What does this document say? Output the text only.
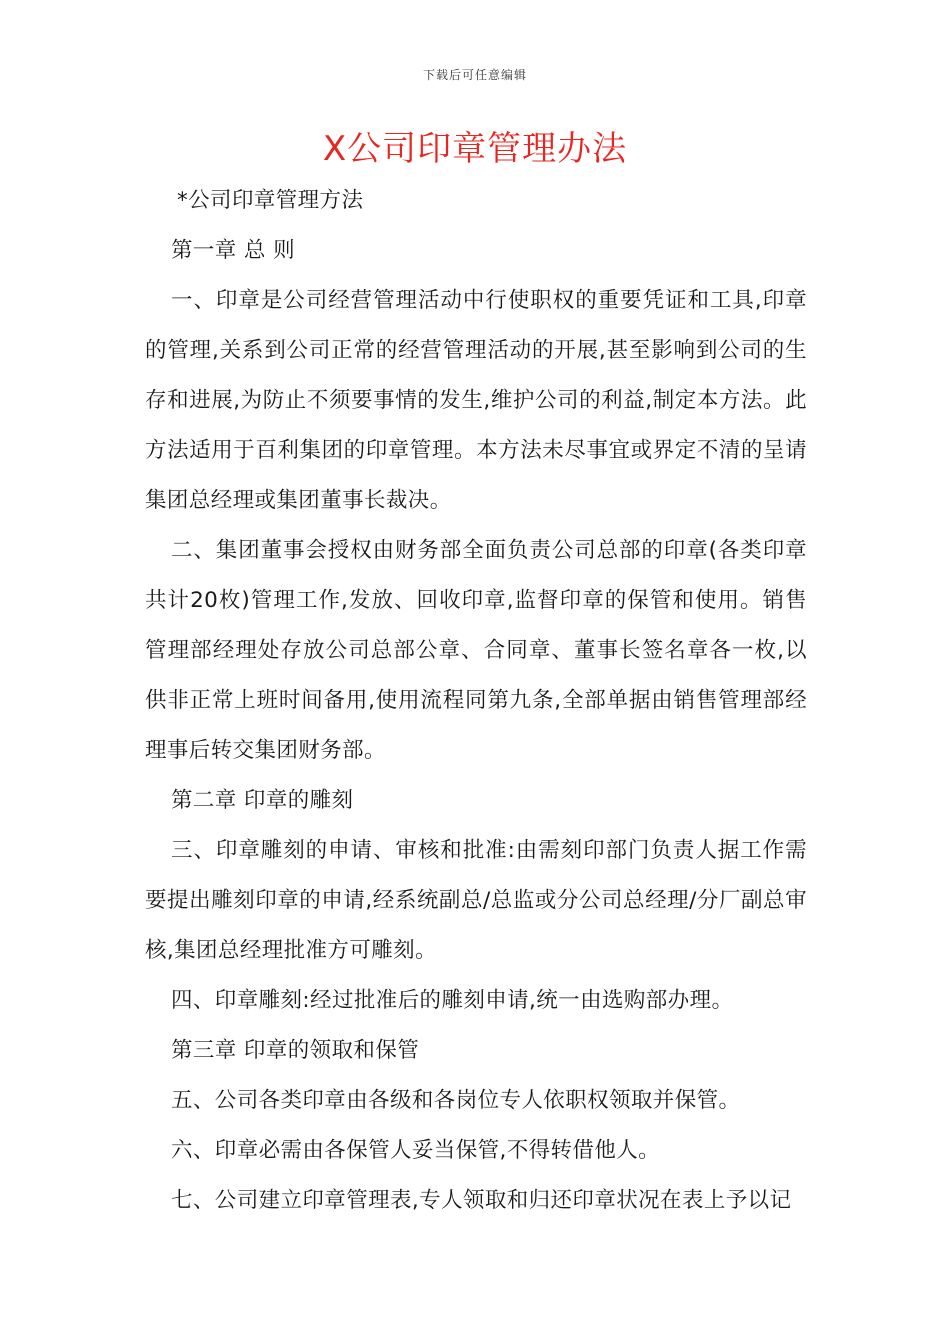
下载后可任意编辑
X公司印章管理办法

*公司印章管理方法

第一章 总 则

一、印章是公司经营管理活动中行使职权的重要凭证和工具,印章的管理,关系到公司正常的经营管理活动的开展,甚至影响到公司的生存和进展,为防止不须要事情的发生,维护公司的利益,制定本方法。此方法适用于百利集团的印章管理。本方法未尽事宜或界定不清的呈请集团总经理或集团董事长裁决。

二、集团董事会授权由财务部全面负责公司总部的印章(各类印章共计20枚)管理工作,发放、回收印章,监督印章的保管和使用。销售管理部经理处存放公司总部公章、合同章、董事长签名章各一枚,以供非正常上班时间备用,使用流程同第九条,全部单据由销售管理部经理事后转交集团财务部。

第二章 印章的雕刻

三、印章雕刻的申请、审核和批准:由需刻印部门负责人据工作需要提出雕刻印章的申请,经系统副总/总监或分公司总经理/分厂副总审核,集团总经理批准方可雕刻。

四、印章雕刻:经过批准后的雕刻申请,统一由选购部办理。

第三章 印章的领取和保管

五、公司各类印章由各级和各岗位专人依职权领取并保管。

六、印章必需由各保管人妥当保管,不得转借他人。

七、公司建立印章管理表,专人领取和归还印章状况在表上予以记
